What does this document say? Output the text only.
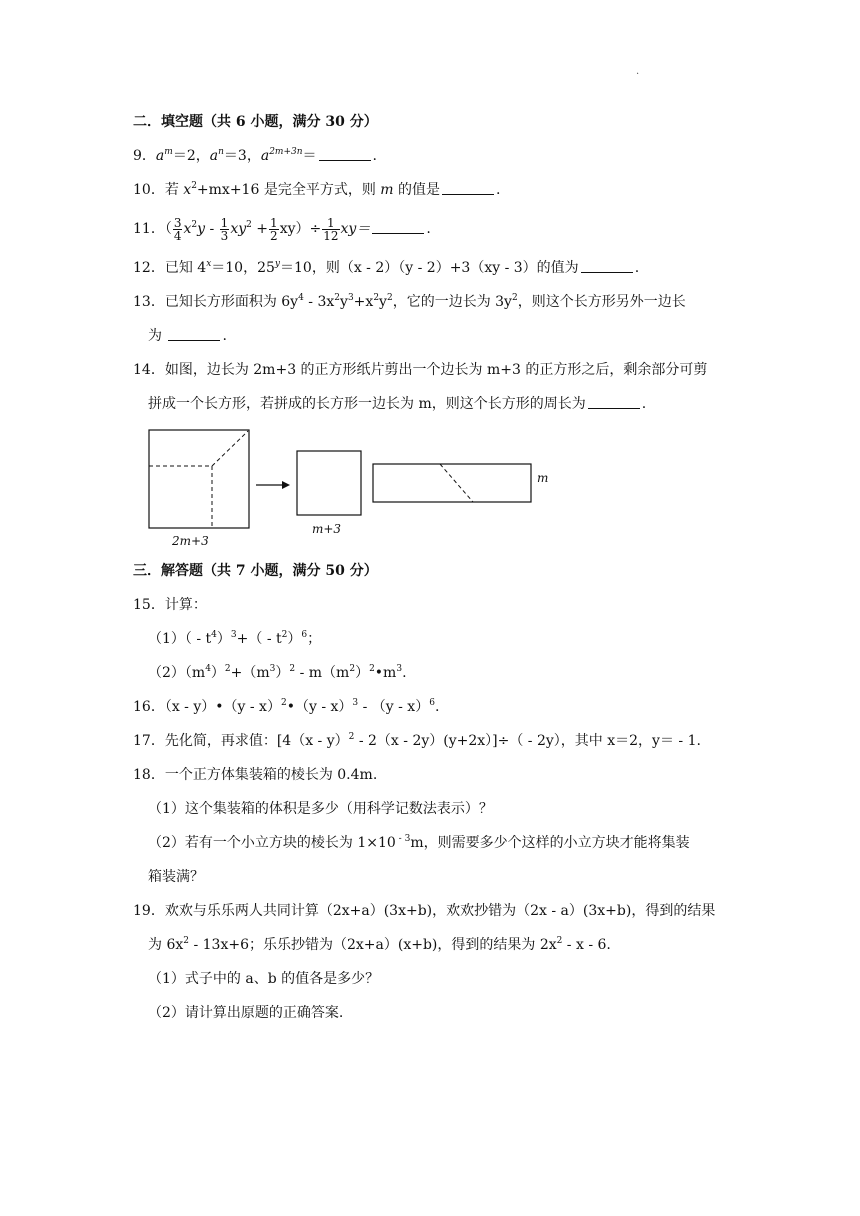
.
二．填空题（共 6 小题，满分 30 分）
9．$a^m=2$，$a^n=3$，$a^{2m+3n}=$	.
10．若 $x^2+mx+16$ 是完全平方式，则 m 的值是	.
11．（ $\frac{3}{4} x^2y - \frac{1}{3} xy^2 + \frac{1}{2} xy)\div \frac{1}{12} xy=$	.
12．已知 $4^x=10$，$25^y=10$，则（x - 2）（y - 2）+3（xy - 3）的值为	.
13．已知长方形面积为 $6y^4 - 3x^2y^3+x^2y^2$，它的一边长为 $3y^2$，则这个长方形另外一边长
为	.
14．如图，边长为 2m+3 的正方形纸片剪出一个边长为 m+3 的正方形之后，剩余部分可剪
拼成一个长方形，若拼成的长方形一边长为 m，则这个长方形的周长为	.
2m+3
m+3
m
三．解答题（共 7 小题，满分 50 分）
15．计算：
$(1)( - t^4)^3+( - t^2)^6$；
$(2)(m^4)^2+(m^3)^2$ - $m(m^2)^2•m^3$.
16．（x - y）•（y - x）$^2$•（y - x）$^3$ - （y - x）$^6$.
17．先化简，再求值：[4（x - y）$^2$ - 2（x - 2y）(y+2x）]÷（ - 2y），其中 x＝2，y＝ - 1.
18．一个正方体集装箱的棱长为 0.4m.
（1）这个集装箱的体积是多少（用科学记数法表示）？
（2）若有一个小立方块的棱长为 1×10 $^{- 3}$m，则需要多少个这样的小立方块才能将集装
箱装满？
19．欢欢与乐乐两人共同计算（2x+a）(3x+b)，欢欢抄错为（2x - a）(3x+b)，得到的结果
为 $6x^2 - 13x+6$；乐乐抄错为（2x+a）(x+b)，得到的结果为 $2x^2$ - x - 6.
（1）式子中的 a、b 的值各是多少？
（2）请计算出原题的正确答案.
